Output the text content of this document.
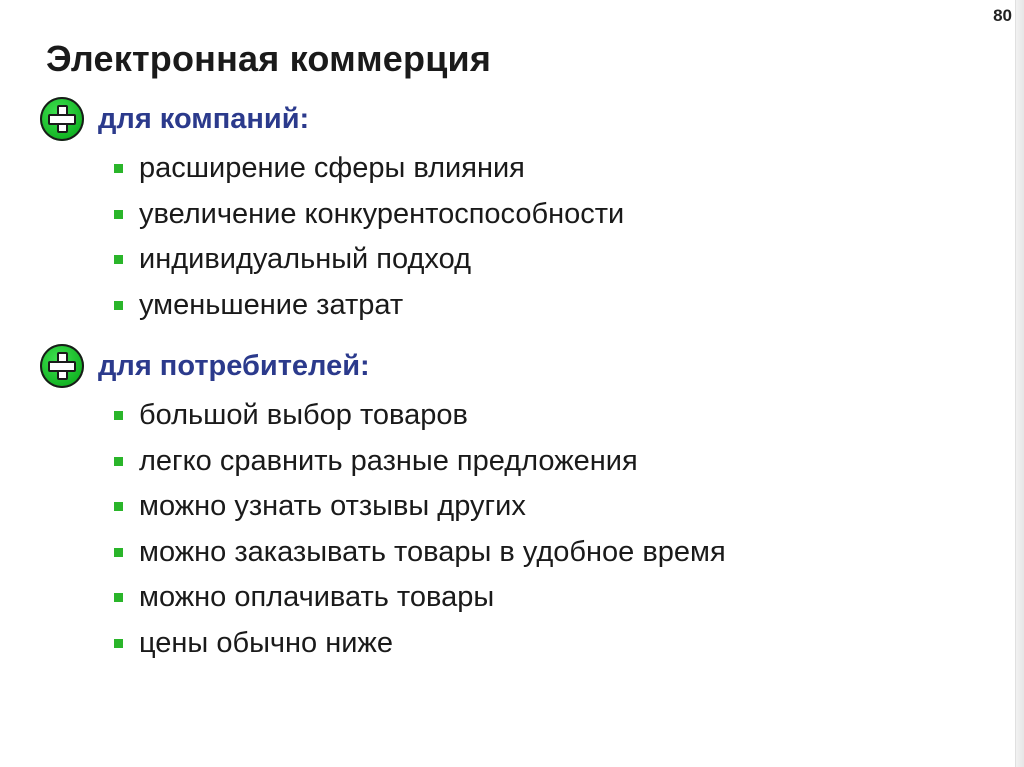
80
Электронная коммерция
для компаний:
расширение сферы влияния
увеличение конкурентоспособности
индивидуальный подход
уменьшение затрат
для потребителей:
большой выбор товаров
легко сравнить разные предложения
можно узнать отзывы других
можно заказывать товары в удобное время
можно оплачивать товары
цены обычно ниже
